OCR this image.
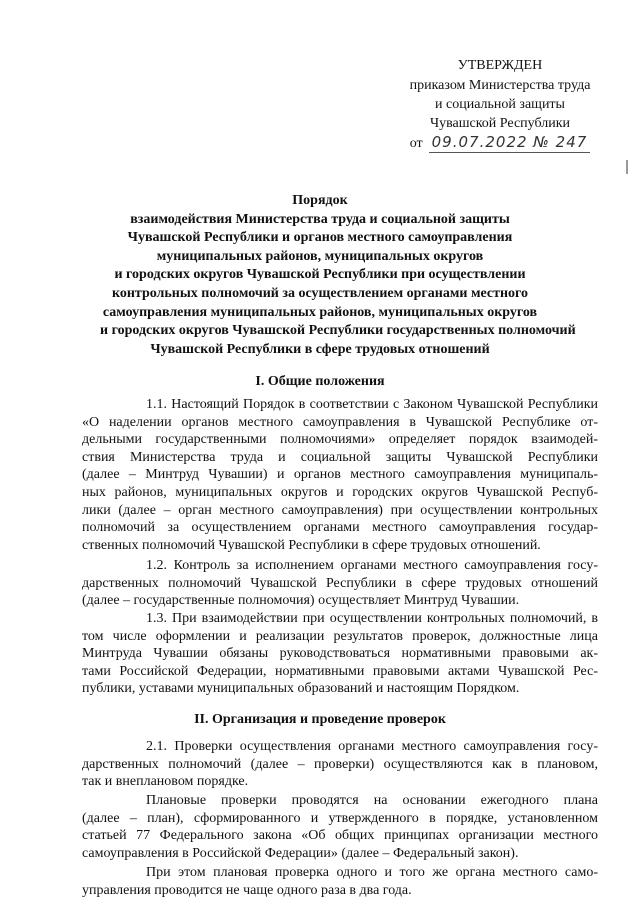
УТВЕРЖДЕН
приказом Министерства труда
и социальной защиты
Чувашской Республики
от 09.07.2022 № 247
Порядок
взаимодействия Министерства труда и социальной защиты
Чувашской Республики и органов местного самоуправления
муниципальных районов, муниципальных округов
и городских округов Чувашской Республики при осуществлении
контрольных полномочий за осуществлением органами местного
самоуправления муниципальных районов, муниципальных округов
и городских округов Чувашской Республики государственных полномочий
Чувашской Республики в сфере трудовых отношений
I. Общие положения
1.1. Настоящий Порядок в соответствии с Законом Чувашской Республики
«О наделении органов местного самоуправления в Чувашской Республике от-
дельными государственными полномочиями» определяет порядок взаимодей-
ствия Министерства труда и социальной защиты Чувашской Республики
(далее – Минтруд Чувашии) и органов местного самоуправления муниципаль-
ных районов, муниципальных округов и городских округов Чувашской Респуб-
лики (далее – орган местного самоуправления) при осуществлении контрольных
полномочий за осуществлением органами местного самоуправления государ-
ственных полномочий Чувашской Республики в сфере трудовых отношений.
1.2. Контроль за исполнением органами местного самоуправления госу-
дарственных полномочий Чувашской Республики в сфере трудовых отношений
(далее – государственные полномочия) осуществляет Минтруд Чувашии.
1.3. При взаимодействии при осуществлении контрольных полномочий, в
том числе оформлении и реализации результатов проверок, должностные лица
Минтруда Чувашии обязаны руководствоваться нормативными правовыми ак-
тами Российской Федерации, нормативными правовыми актами Чувашской Рес-
публики, уставами муниципальных образований и настоящим Порядком.
II. Организация и проведение проверок
2.1. Проверки осуществления органами местного самоуправления госу-
дарственных полномочий (далее – проверки) осуществляются как в плановом,
так и внеплановом порядке.
Плановые проверки проводятся на основании ежегодного плана
(далее – план), сформированного и утвержденного в порядке, установленном
статьей 77 Федерального закона «Об общих принципах организации местного
самоуправления в Российской Федерации» (далее – Федеральный закон).
При этом плановая проверка одного и того же органа местного само-
управления проводится не чаще одного раза в два года.
